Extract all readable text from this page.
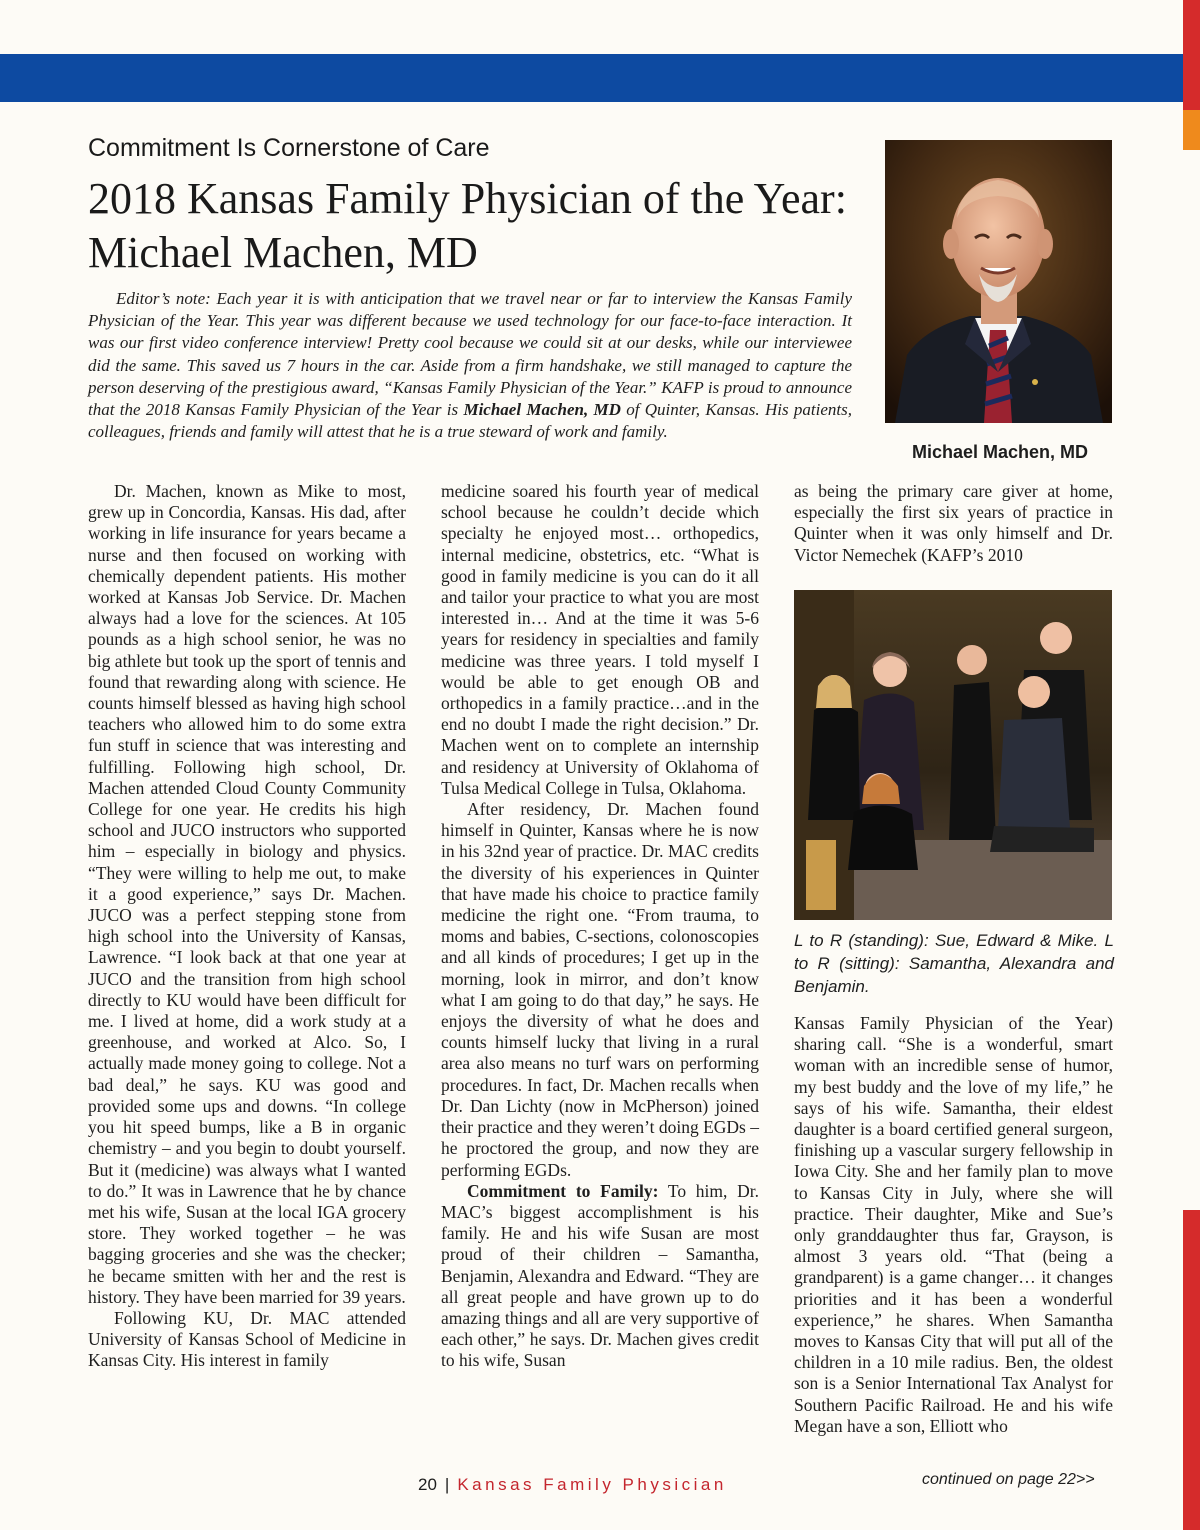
Commitment Is Cornerstone of Care
2018 Kansas Family Physician of the Year: Michael Machen, MD

Editor’s note: Each year it is with anticipation that we travel near or far to interview the Kansas Family Physician of the Year. This year was different because we used technology for our face-to-face interaction. It was our first video conference interview! Pretty cool because we could sit at our desks, while our interviewee did the same. This saved us 7 hours in the car. Aside from a firm handshake, we still managed to capture the person deserving of the prestigious award, “Kansas Family Physician of the Year.” KAFP is proud to announce that the 2018 Kansas Family Physician of the Year is Michael Machen, MD of Quinter, Kansas. His patients, colleagues, friends and family will attest that he is a true steward of work and family.

Michael Machen, MD

Dr. Machen, known as Mike to most, grew up in Concordia, Kansas. His dad, after working in life insurance for years became a nurse and then focused on working with chemically dependent patients. His mother worked at Kansas Job Service. Dr. Machen always had a love for the sciences. At 105 pounds as a high school senior, he was no big athlete but took up the sport of tennis and found that rewarding along with science. He counts himself blessed as having high school teachers who allowed him to do some extra fun stuff in science that was interesting and fulfilling. Following high school, Dr. Machen attended Cloud County Community College for one year. He credits his high school and JUCO instructors who supported him – especially in biology and physics. “They were willing to help me out, to make it a good experience,” says Dr. Machen. JUCO was a perfect stepping stone from high school into the University of Kansas, Lawrence. “I look back at that one year at JUCO and the transition from high school directly to KU would have been difficult for me. I lived at home, did a work study at a greenhouse, and worked at Alco. So, I actually made money going to college. Not a bad deal,” he says. KU was good and provided some ups and downs. “In college you hit speed bumps, like a B in organic chemistry – and you begin to doubt yourself. But it (medicine) was always what I wanted to do.” It was in Lawrence that he by chance met his wife, Susan at the local IGA grocery store. They worked together – he was bagging groceries and she was the checker; he became smitten with her and the rest is history. They have been married for 39 years.

Following KU, Dr. MAC attended University of Kansas School of Medicine in Kansas City. His interest in family

medicine soared his fourth year of medical school because he couldn’t decide which specialty he enjoyed most… orthopedics, internal medicine, obstetrics, etc. “What is good in family medicine is you can do it all and tailor your practice to what you are most interested in… And at the time it was 5-6 years for residency in specialties and family medicine was three years. I told myself I would be able to get enough OB and orthopedics in a family practice…and in the end no doubt I made the right decision.” Dr. Machen went on to complete an internship and residency at University of Oklahoma of Tulsa Medical College in Tulsa, Oklahoma.

After residency, Dr. Machen found himself in Quinter, Kansas where he is now in his 32nd year of practice. Dr. MAC credits the diversity of his experiences in Quinter that have made his choice to practice family medicine the right one. “From trauma, to moms and babies, C-sections, colonoscopies and all kinds of procedures; I get up in the morning, look in mirror, and don’t know what I am going to do that day,” he says. He enjoys the diversity of what he does and counts himself lucky that living in a rural area also means no turf wars on performing procedures. In fact, Dr. Machen recalls when Dr. Dan Lichty (now in McPherson) joined their practice and they weren’t doing EGDs – he proctored the group, and now they are performing EGDs.

Commitment to Family: To him, Dr. MAC’s biggest accomplishment is his family. He and his wife Susan are most proud of their children – Samantha, Benjamin, Alexandra and Edward. “They are all great people and have grown up to do amazing things and all are very supportive of each other,” he says. Dr. Machen gives credit to his wife, Susan

as being the primary care giver at home, especially the first six years of practice in Quinter when it was only himself and Dr. Victor Nemechek (KAFP’s 2010

L to R (standing): Sue, Edward & Mike. L to R (sitting): Samantha, Alexandra and Benjamin.

Kansas Family Physician of the Year) sharing call. “She is a wonderful, smart woman with an incredible sense of humor, my best buddy and the love of my life,” he says of his wife. Samantha, their eldest daughter is a board certified general surgeon, finishing up a vascular surgery fellowship in Iowa City. She and her family plan to move to Kansas City in July, where she will practice. Their daughter, Mike and Sue’s only granddaughter thus far, Grayson, is almost 3 years old. “That (being a grandparent) is a game changer… it changes priorities and it has been a wonderful experience,” he shares. When Samantha moves to Kansas City that will put all of the children in a 10 mile radius. Ben, the oldest son is a Senior International Tax Analyst for Southern Pacific Railroad. He and his wife Megan have a son, Elliott who

20 | Kansas Family Physician	continued on page 22>>
